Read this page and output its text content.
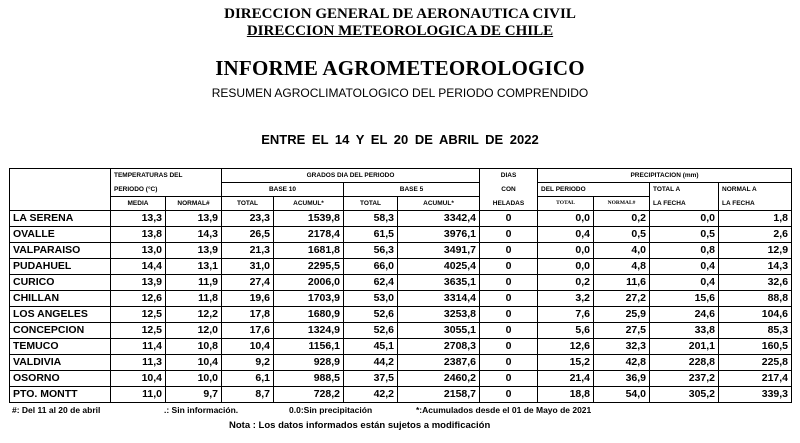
DIRECCION GENERAL DE AERONAUTICA CIVIL
DIRECCION METEOROLOGICA DE CHILE
INFORME AGROMETEOROLOGICO
RESUMEN AGROCLIMATOLOGICO DEL PERIODO COMPRENDIDO
ENTRE EL 14 Y EL 20 DE ABRIL DE 2022
	TEMPERATURAS DEL		GRADOS DIA DEL PERIODO				DIAS	PRECIPITACION (mm)			
	PERIODO (°C)		BASE 10		BASE 5		CON	DEL PERIODO		TOTAL A	NORMAL A
	MEDIA	NORMAL#	TOTAL	ACUMUL*	TOTAL	ACUMUL*	HELADAS	TOTAL	NORMAL#	LA FECHA	LA FECHA
LA SERENA	13,3	13,9	23,3	1539,8	58,3	3342,4	0	0,0	0,2	0,0	1,8
OVALLE	13,8	14,3	26,5	2178,4	61,5	3976,1	0	0,4	0,5	0,5	2,6
VALPARAISO	13,0	13,9	21,3	1681,8	56,3	3491,7	0	0,0	4,0	0,8	12,9
PUDAHUEL	14,4	13,1	31,0	2295,5	66,0	4025,4	0	0,0	4,8	0,4	14,3
CURICO	13,9	11,9	27,4	2006,0	62,4	3635,1	0	0,2	11,6	0,4	32,6
CHILLAN	12,6	11,8	19,6	1703,9	53,0	3314,4	0	3,2	27,2	15,6	88,8
LOS ANGELES	12,5	12,2	17,8	1680,9	52,6	3253,8	0	7,6	25,9	24,6	104,6
CONCEPCION	12,5	12,0	17,6	1324,9	52,6	3055,1	0	5,6	27,5	33,8	85,3
TEMUCO	11,4	10,8	10,4	1156,1	45,1	2708,3	0	12,6	32,3	201,1	160,5
VALDIVIA	11,3	10,4	9,2	928,9	44,2	2387,6	0	15,2	42,8	228,8	225,8
OSORNO	10,4	10,0	6,1	988,5	37,5	2460,2	0	21,4	36,9	237,2	217,4
PTO. MONTT	11,0	9,7	8,7	728,2	42,2	2158,7	0	18,8	54,0	305,2	339,3
#: Del 11 al 20 de abril	.: Sin información.	0.0:Sin precipitación	*:Acumulados desde el 01 de Mayo de 2021
Nota : Los datos informados están sujetos a modificación
